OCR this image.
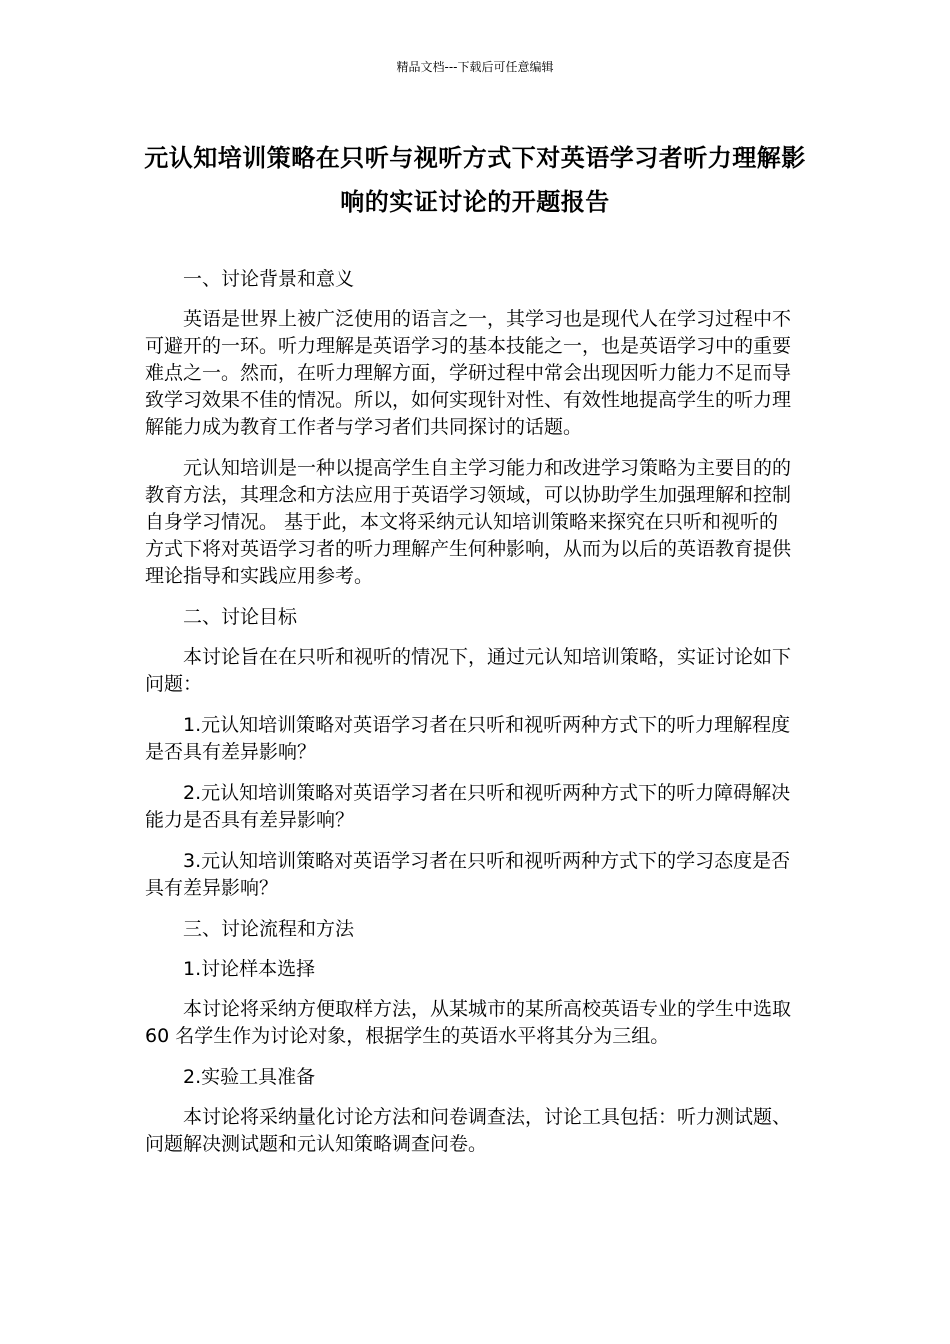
精品文档---下载后可任意编辑
元认知培训策略在只听与视听方式下对英语学习者听力理解影响的实证讨论的开题报告

一、讨论背景和意义

英语是世界上被广泛使用的语言之一，其学习也是现代人在学习过程中不可避开的一环。听力理解是英语学习的基本技能之一，也是英语学习中的重要难点之一。然而，在听力理解方面，学研过程中常会出现因听力能力不足而导致学习效果不佳的情况。所以，如何实现针对性、有效性地提高学生的听力理解能力成为教育工作者与学习者们共同探讨的话题。

元认知培训是一种以提高学生自主学习能力和改进学习策略为主要目的的教育方法，其理念和方法应用于英语学习领域，可以协助学生加强理解和控制自身学习情况。 基于此，本文将采纳元认知培训策略来探究在只听和视听的方式下将对英语学习者的听力理解产生何种影响，从而为以后的英语教育提供理论指导和实践应用参考。

二、讨论目标

本讨论旨在在只听和视听的情况下，通过元认知培训策略，实证讨论如下问题：

1.元认知培训策略对英语学习者在只听和视听两种方式下的听力理解程度是否具有差异影响？

2.元认知培训策略对英语学习者在只听和视听两种方式下的听力障碍解决能力是否具有差异影响？

3.元认知培训策略对英语学习者在只听和视听两种方式下的学习态度是否具有差异影响？

三、讨论流程和方法

1.讨论样本选择

本讨论将采纳方便取样方法，从某城市的某所高校英语专业的学生中选取 60 名学生作为讨论对象，根据学生的英语水平将其分为三组。

2.实验工具准备

本讨论将采纳量化讨论方法和问卷调查法，讨论工具包括：听力测试题、问题解决测试题和元认知策略调查问卷。
